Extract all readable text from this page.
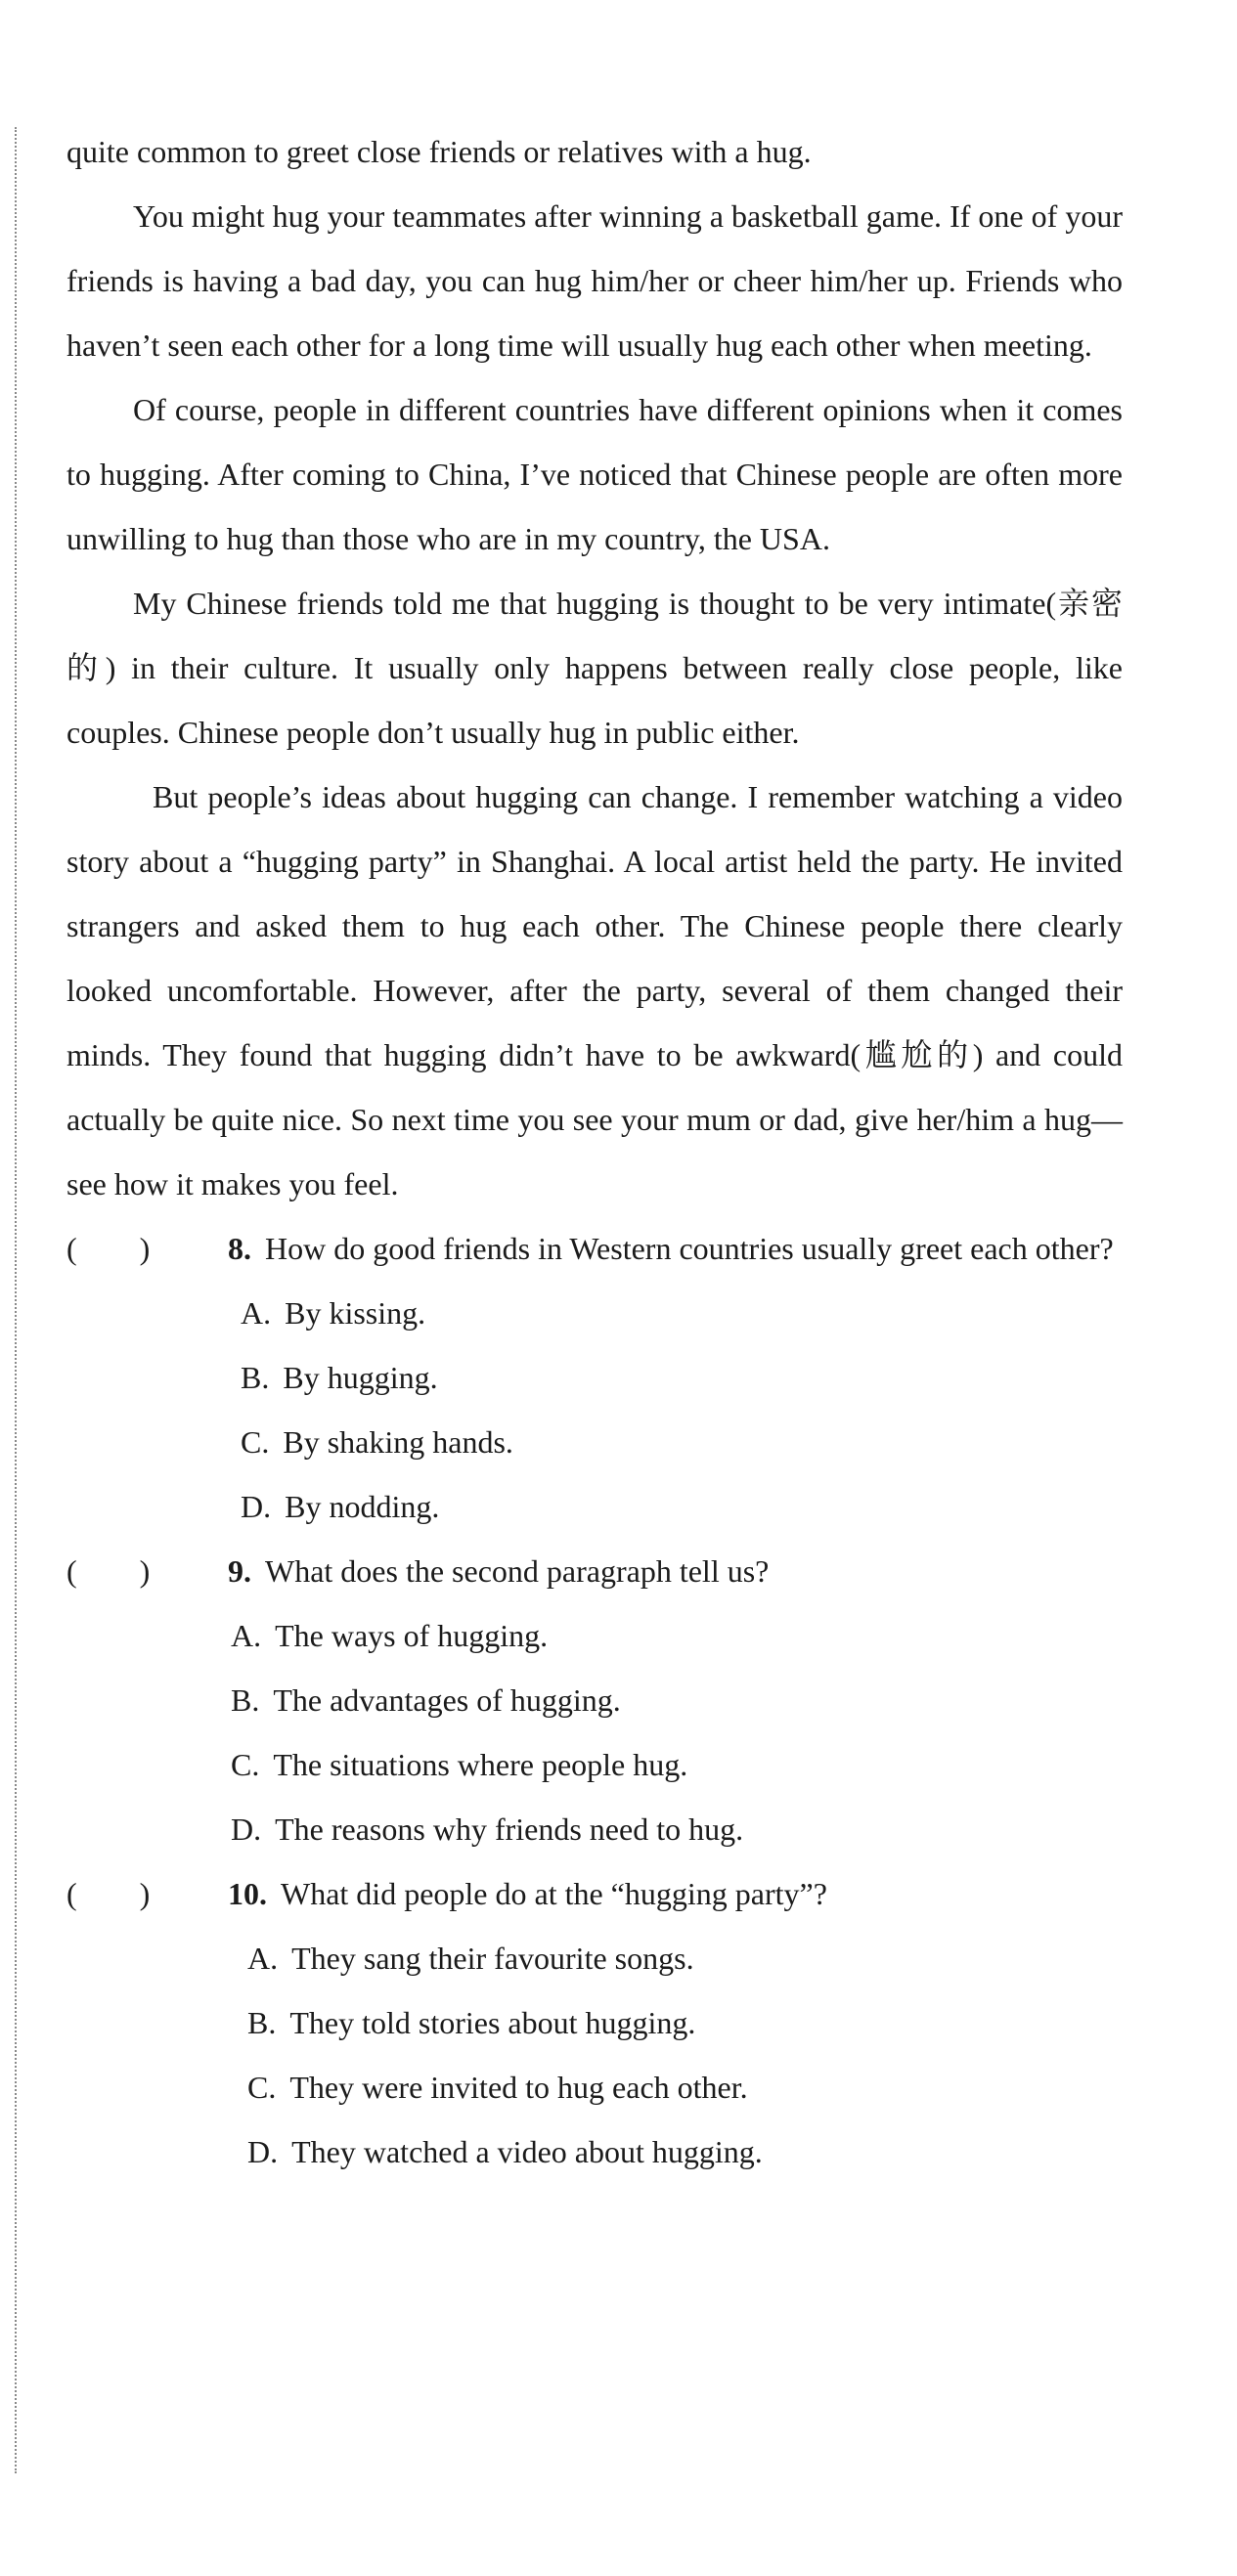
quite common to greet close friends or relatives with a hug.

You might hug your teammates after winning a basketball game. If one of your friends is having a bad day, you can hug him/her or cheer him/her up. Friends who haven’t seen each other for a long time will usually hug each other when meeting.

Of course, people in different countries have different opinions when it comes to hugging. After coming to China, I’ve noticed that Chinese people are often more unwilling to hug than those who are in my country, the USA.

My Chinese friends told me that hugging is thought to be very intimate(亲密的) in their culture. It usually only happens between really close people, like couples. Chinese people don’t usually hug in public either.

But people’s ideas about hugging can change. I remember watching a video story about a “hugging party” in Shanghai. A local artist held the party. He invited strangers and asked them to hug each other. The Chinese people there clearly looked uncomfortable. However, after the party, several of them changed their minds. They found that hugging didn’t have to be awkward(尴尬的) and could actually be quite nice. So next time you see your mum or dad, give her/him a hug—see how it makes you feel.

(        )	8. How do good friends in Western countries usually greet each other?
A. By kissing.
B. By hugging.
C. By shaking hands.
D. By nodding.
(        )	9. What does the second paragraph tell us?
A. The ways of hugging.
B. The advantages of hugging.
C. The situations where people hug.
D. The reasons why friends need to hug.
(        )	10. What did people do at the “hugging party”?
A. They sang their favourite songs.
B. They told stories about hugging.
C. They were invited to hug each other.
D. They watched a video about hugging.
